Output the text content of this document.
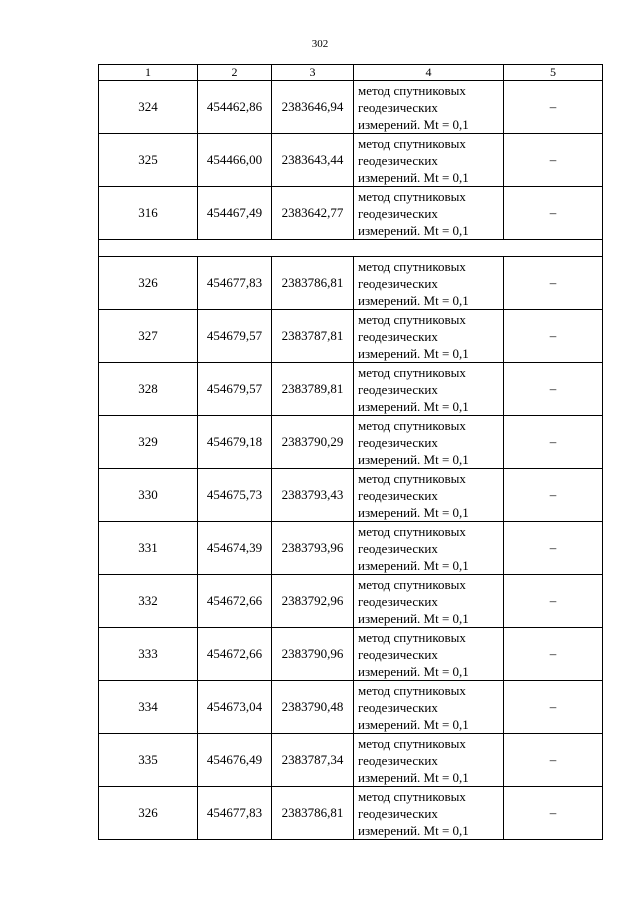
302
1	2	3	4	5
324	454462,86	2383646,94	метод спутниковых
геодезических
измерений. Mt = 0,1	–
325	454466,00	2383643,44	метод спутниковых
геодезических
измерений. Mt = 0,1	–
316	454467,49	2383642,77	метод спутниковых
геодезических
измерений. Mt = 0,1	–

326	454677,83	2383786,81	метод спутниковых
геодезических
измерений. Mt = 0,1	–
327	454679,57	2383787,81	метод спутниковых
геодезических
измерений. Mt = 0,1	–
328	454679,57	2383789,81	метод спутниковых
геодезических
измерений. Mt = 0,1	–
329	454679,18	2383790,29	метод спутниковых
геодезических
измерений. Mt = 0,1	–
330	454675,73	2383793,43	метод спутниковых
геодезических
измерений. Mt = 0,1	–
331	454674,39	2383793,96	метод спутниковых
геодезических
измерений. Mt = 0,1	–
332	454672,66	2383792,96	метод спутниковых
геодезических
измерений. Mt = 0,1	–
333	454672,66	2383790,96	метод спутниковых
геодезических
измерений. Mt = 0,1	–
334	454673,04	2383790,48	метод спутниковых
геодезических
измерений. Mt = 0,1	–
335	454676,49	2383787,34	метод спутниковых
геодезических
измерений. Mt = 0,1	–
326	454677,83	2383786,81	метод спутниковых
геодезических
измерений. Mt = 0,1	–
